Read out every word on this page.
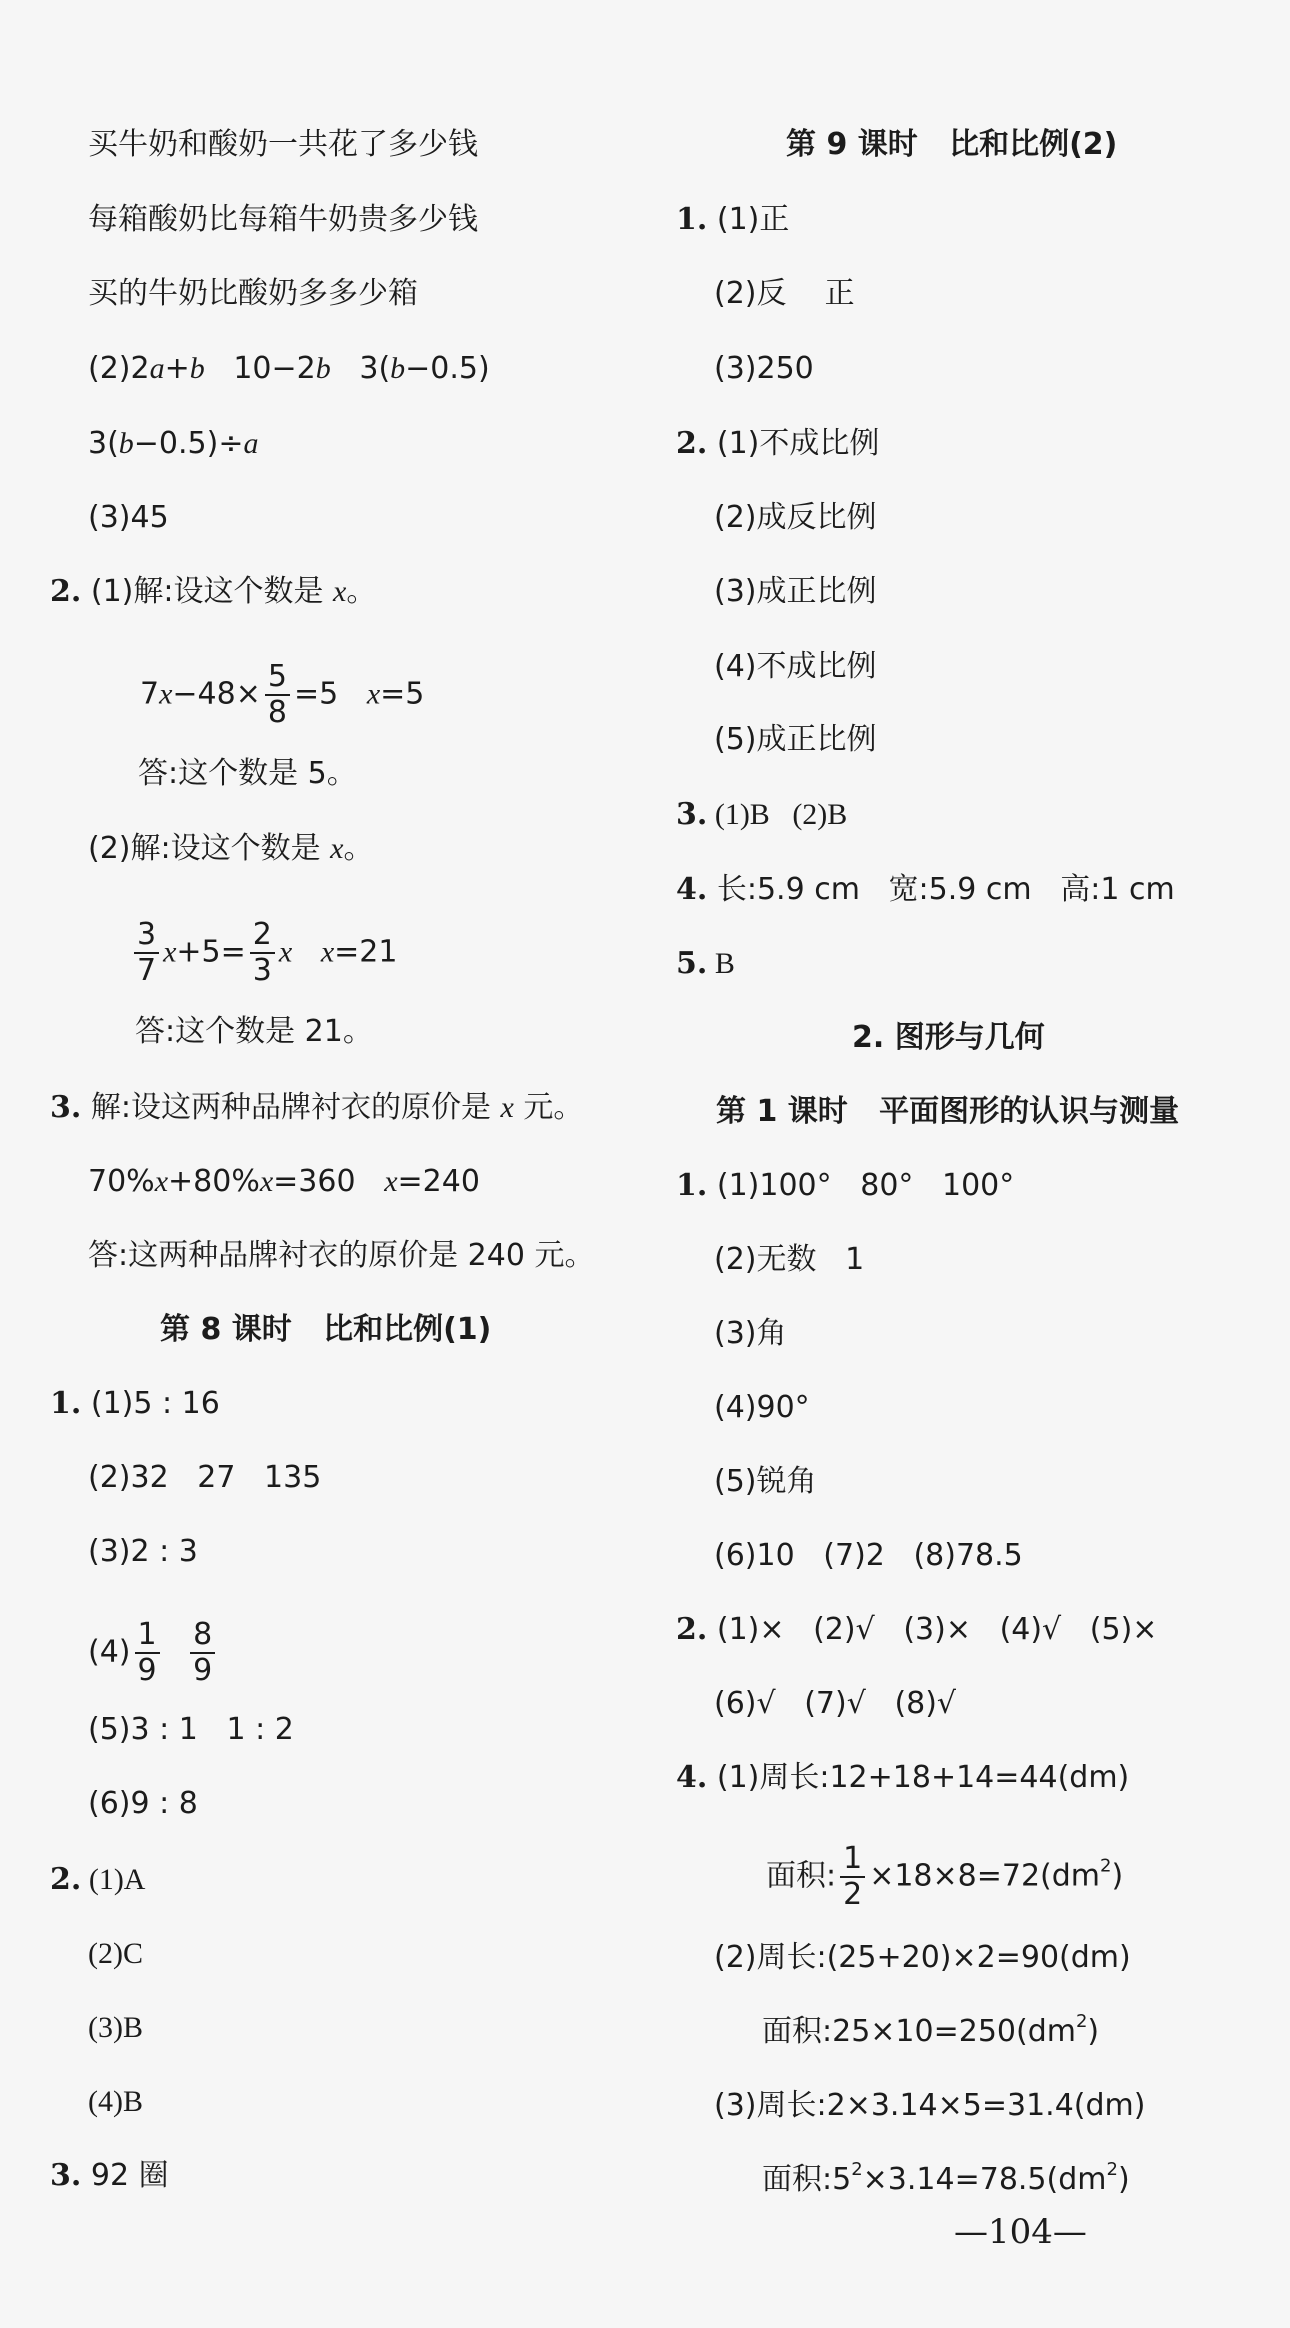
买牛奶和酸奶一共花了多少钱
每箱酸奶比每箱牛奶贵多少钱
买的牛奶比酸奶多多少箱
(2)2a+b   10−2b   3(b−0.5)
3(b−0.5)÷a
(3)45
2. (1)解:设这个数是 x。
$7x-48\times \frac{5}{8} =5$   x=5
答:这个数是 5。
(2)解:设这个数是 x。
$\frac{3}{7} x+5= \frac{2}{3}$ x x=21
答:这个数是 21。
3. 解:设这两种品牌衬衣的原价是 x 元。
70%x+80%x=360   x=240
答:这两种品牌衬衣的原价是 240 元。
第 8 课时   比和比例(1)
1. (1)5 : 16
(2)32   27   135
(3)2 : 3
$(4) \frac{1}{9}$
$\frac{8}{9}$
(5)3 : 1   1 : 2
(6)9 : 8
2. (1)A
(2)C
(3)B
(4)B
3. 92 圈
第 9 课时   比和比例(2)
1. (1)正
(2)反    正
(3)250
2. (1)不成比例
(2)成反比例
(3)成正比例
(4)不成比例
(5)成正比例
3. (1)B   (2)B
4. 长:5.9 cm   宽:5.9 cm   高:1 cm
5. B
2. 图形与几何
第 1 课时   平面图形的认识与测量
1. (1)100°   80°   100°
(2)无数   1
(3)角
(4)90°
(5)锐角
(6)10   (7)2   (8)78.5
2. (1)×   (2)√   (3)×   (4)√   (5)×
(6)√   (7)√   (8)√
4. (1)周长:12+18+14=44(dm)
面积: $\frac{1}{2} \times 18\times 8=72(dm^2)$
(2)周长:(25+20)×2=90(dm)
面积$:25\times 10=250(dm^2)$
(3)周长:2×3.14×5=31.4(dm)
面积$:5^2\times 3.14=78.5(dm^2)$
—104—
